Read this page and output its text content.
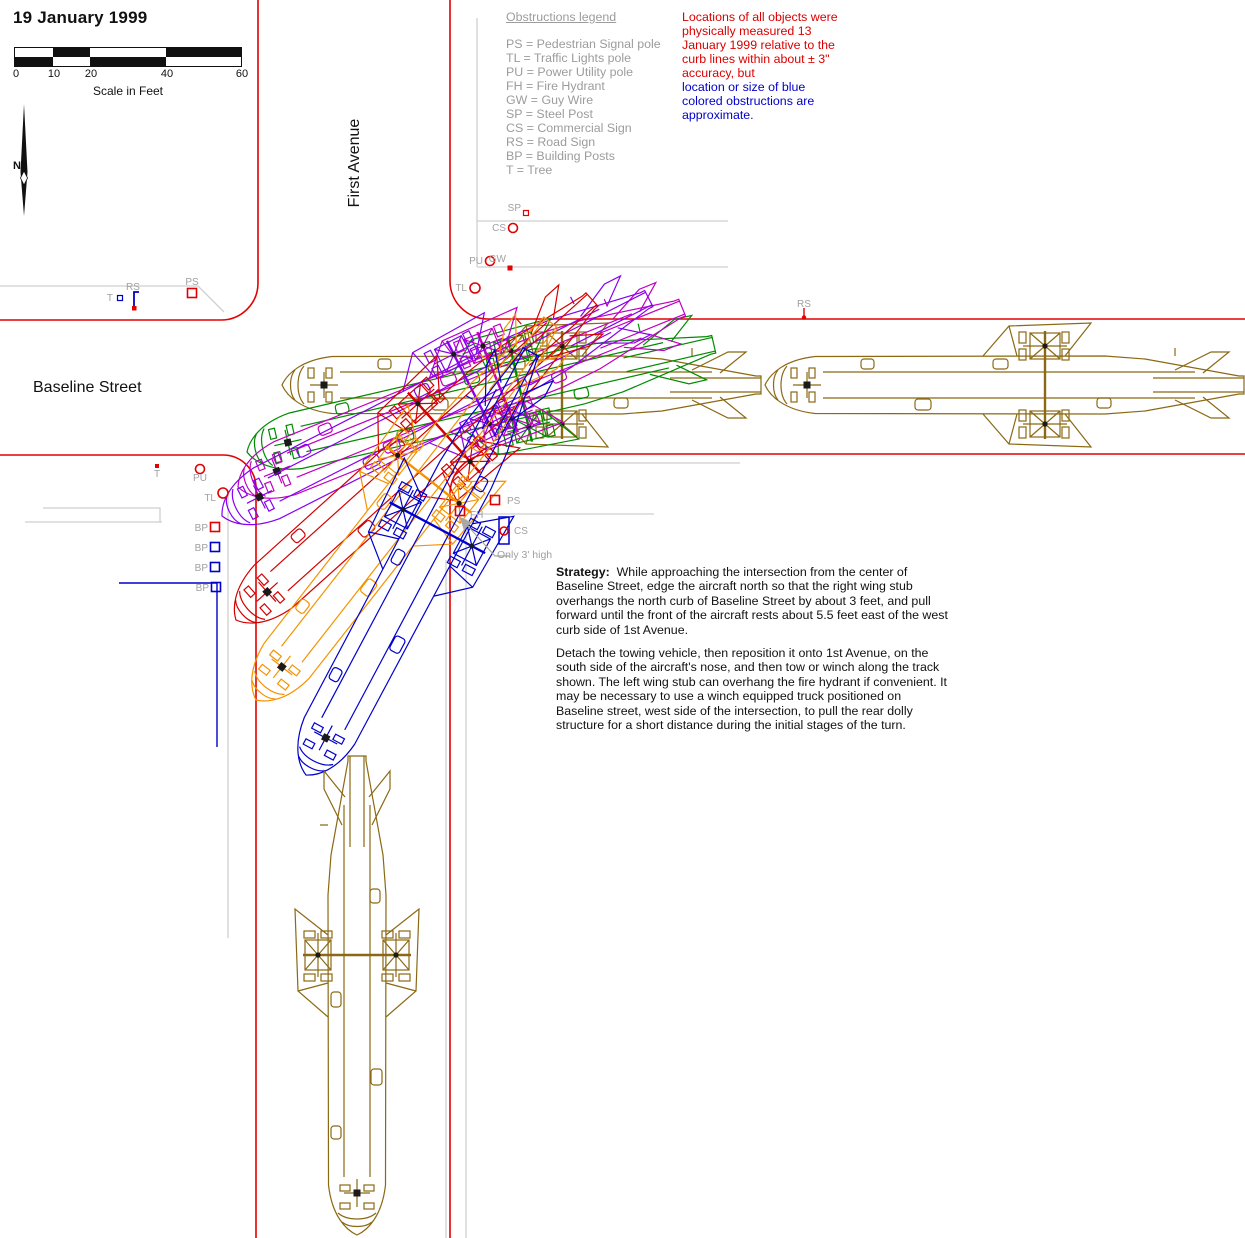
PS
RS
T
SP
CS
PU GW
TL
RS
T	PU
TL
BP
BP
BP
BP
PS
FH
CS
19 January 1999
0	10 20	40	60
Scale in Feet
N	First Avenue
Baseline Street
Obstructions legend
PS = Pedestrian Signal pole
TL = Traffic Lights pole
PU = Power Utility pole
FH = Fire Hydrant
GW = Guy Wire
SP = Steel Post
CS = Commercial Sign
RS = Road Sign
BP = Building Posts
T = Tree
Locations of all objects were physically measured 13 January 1999 relative to the curb lines within about ± 3" accuracy, but
location or size of blue colored obstructions are approximate.
Only 3' high

Strategy: While approaching the intersection from the center of Baseline Street, edge the aircraft north so that the right wing stub overhangs the north curb of Baseline Street by about 3 feet, and pull forward until the front of the aircraft rests about 5.5 feet east of the west curb side of 1st Avenue.

Detach the towing vehicle, then reposition it onto 1st Avenue, on the south side of the aircraft's nose, and then tow or winch along the track shown. The left wing stub can overhang the fire hydrant if convenient. It may be necessary to use a winch equipped truck positioned on Baseline street, west side of the intersection, to pull the rear dolly structure for a short distance during the initial stages of the turn.
